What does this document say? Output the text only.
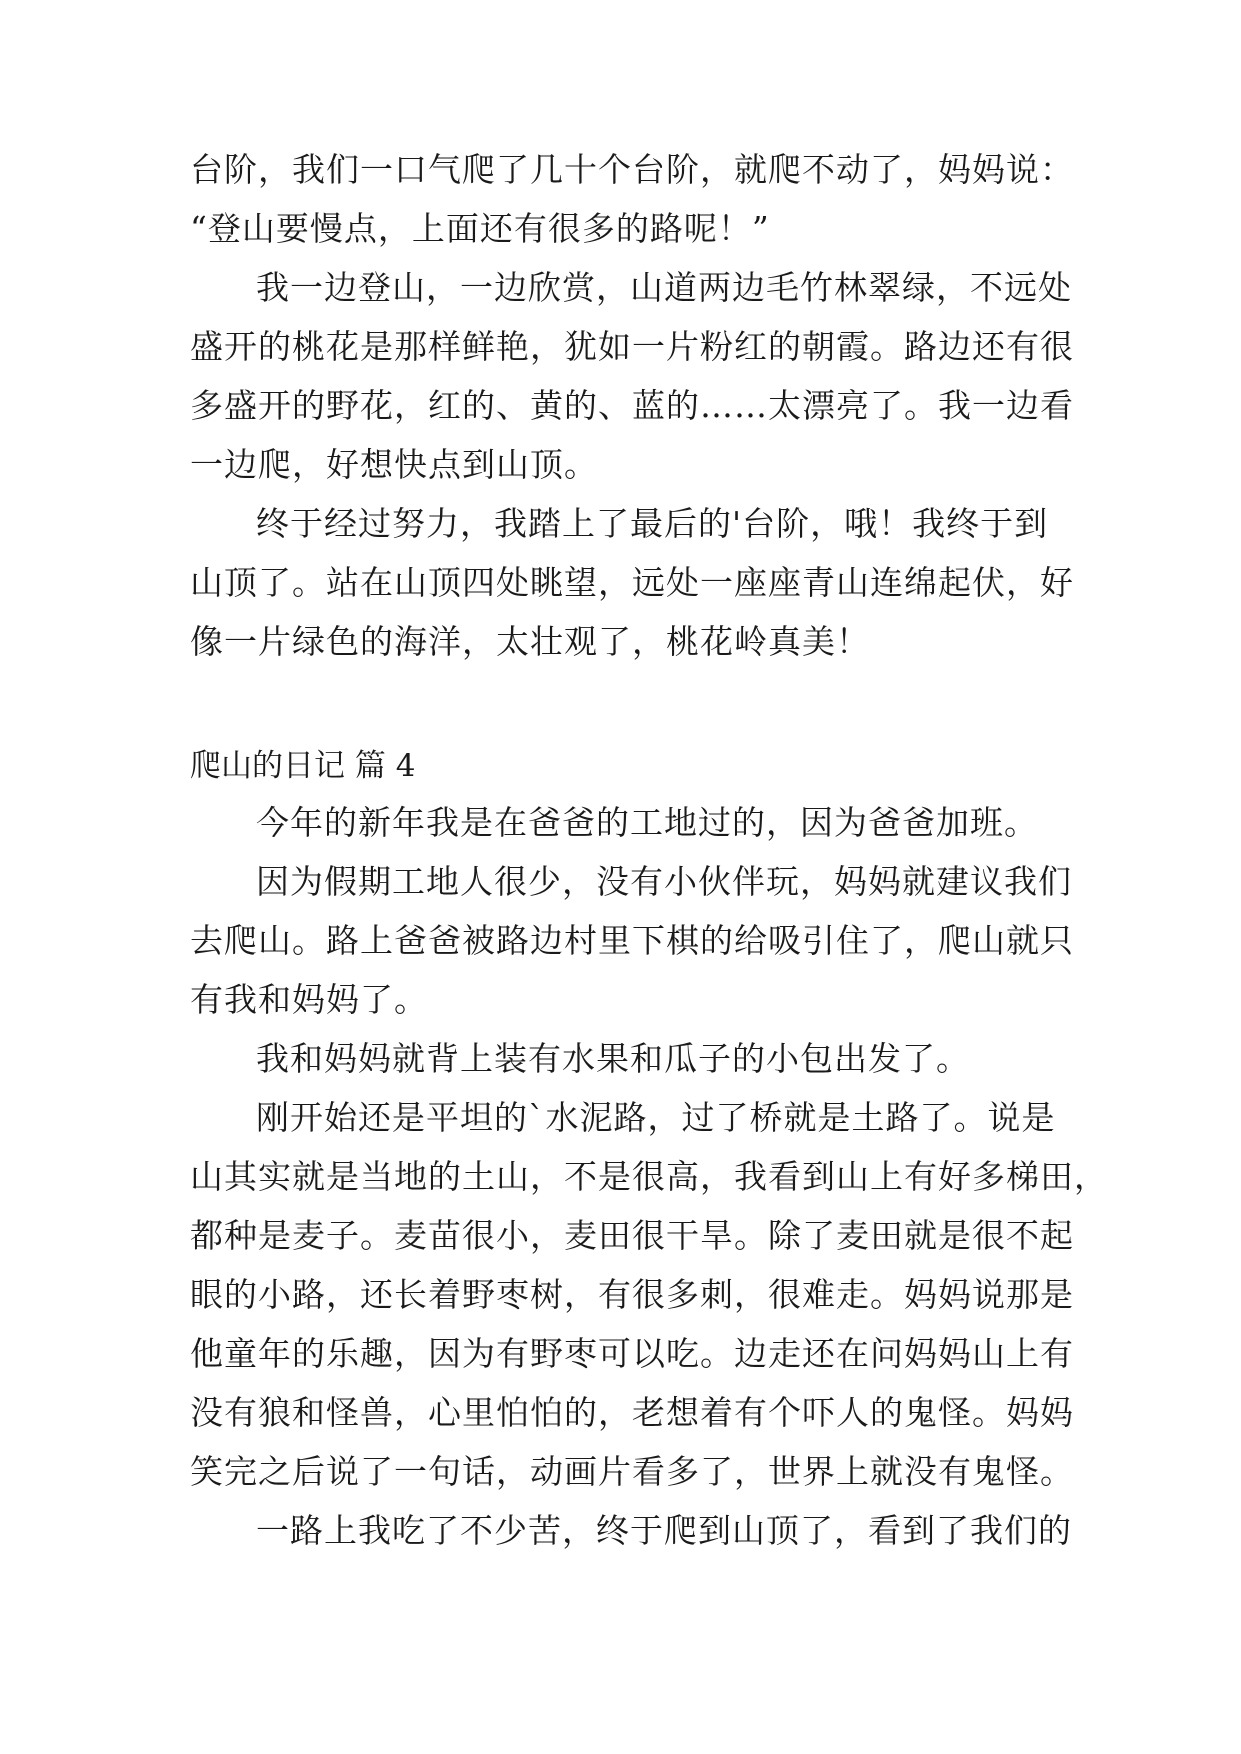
台阶，我们一口气爬了几十个台阶，就爬不动了，妈妈说：
“登山要慢点，上面还有很多的路呢！”
我一边登山，一边欣赏，山道两边毛竹林翠绿，不远处
盛开的桃花是那样鲜艳，犹如一片粉红的朝霞。路边还有很
多盛开的野花，红的、黄的、蓝的……太漂亮了。我一边看
一边爬，好想快点到山顶。
终于经过努力，我踏上了最后的'台阶，哦！我终于到
山顶了。站在山顶四处眺望，远处一座座青山连绵起伏，好
像一片绿色的海洋，太壮观了，桃花岭真美！
爬山的日记 篇 4
今年的新年我是在爸爸的工地过的，因为爸爸加班。
因为假期工地人很少，没有小伙伴玩，妈妈就建议我们
去爬山。路上爸爸被路边村里下棋的给吸引住了，爬山就只
有我和妈妈了。
我和妈妈就背上装有水果和瓜子的小包出发了。
刚开始还是平坦的`水泥路，过了桥就是土路了。说是
山其实就是当地的土山，不是很高，我看到山上有好多梯田，
都种是麦子。麦苗很小，麦田很干旱。除了麦田就是很不起
眼的小路，还长着野枣树，有很多刺，很难走。妈妈说那是
他童年的乐趣，因为有野枣可以吃。边走还在问妈妈山上有
没有狼和怪兽，心里怕怕的，老想着有个吓人的鬼怪。妈妈
笑完之后说了一句话，动画片看多了，世界上就没有鬼怪。
一路上我吃了不少苦，终于爬到山顶了，看到了我们的
